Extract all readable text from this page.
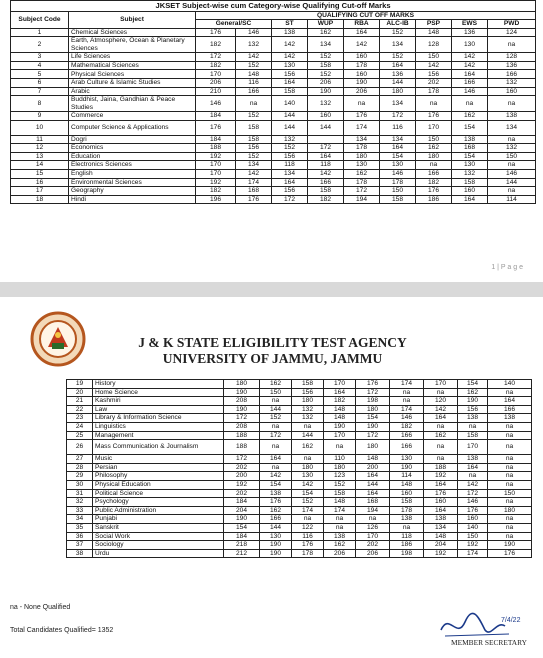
JKSET Subject-wise cum Category-wise Qualifying Cut-off Marks										
Subject Code	Subject	QUALIFYING CUT OFF MARKS								
		General/SC		ST	WUP	RBA	ALC-IB	PSP	EWS	PWD
1	Chemical Sciences	176	146	138	162	164	152	148	136	124
2	Earth, Atmosphere, Ocean & Planetary Sciences	182	132	142	134	142	134	128	130	na
3	Life Sciences	172	142	142	152	160	152	150	142	128
4	Mathematical Sciences	182	152	130	158	178	164	142	142	136
5	Physical Sciences	170	148	156	152	160	136	156	164	166
6	Arab Culture & Islamic Studies	206	116	164	206	190	144	202	166	132
7	Arabic	210	166	158	190	206	180	178	146	160
8	Buddhist, Jaina, Gandhian & Peace Studies	146	na	140	132	na	134	na	na	na
9	Commerce	184	152	144	160	176	172	176	162	138
10	Computer Science & Applications	176	158	144	144	174	116	170	154	134
11	Dogri	184	158	132		134	134	150	138	na
12	Economics	188	156	152	172	178	164	162	168	132
13	Education	192	152	156	164	180	154	180	154	150
14	Electronics Sciences	170	134	118	118	130	130	na	130	na
15	English	170	142	134	142	162	146	166	132	146
16	Environmental Sciences	192	174	164	166	178	178	182	158	144
17	Geography	182	168	156	158	172	150	176	160	na
18	Hindi	196	176	172	182	194	158	186	164	114
1 | P a g e
J & K STATE ELIGIBILITY TEST AGENCY
UNIVERSITY OF JAMMU, JAMMU
19	History	180	162	158	170	176	174	170	154	140
20	Home Science	190	150	156	164	172	na	na	162	na
21	Kashmiri	208	na	180	182	198	na	120	190	164
22	Law	190	144	132	148	180	174	142	156	166
23	Library & Information Science	172	152	132	148	154	146	164	138	138
24	Linguistics	208	na	na	190	190	182	na	na	na
25	Management	188	172	144	170	172	166	162	158	na
26	Mass Communication & Journalism	188	na	162	na	180	166	na	170	na
27	Music	172	164	na	110	148	130	na	138	na
28	Persian	202	na	180	180	200	190	188	164	na
29	Philosophy	200	142	130	123	164	114	192	na	na
30	Physical Education	192	154	142	152	144	148	164	142	na
31	Political Science	202	138	154	158	164	160	176	172	150
32	Psychology	184	176	152	148	168	158	160	146	na
33	Public Administration	204	162	174	174	194	178	164	176	180
34	Punjabi	190	166	na	na	na	138	138	160	na
35	Sanskrit	154	144	122	na	126	na	134	140	na
36	Social Work	184	130	116	138	170	118	148	150	na
37	Sociology	218	190	176	162	202	186	204	192	190
38	Urdu	212	190	178	206	206	198	192	174	176
na - None Qualified
Total Candidates Qualified= 1352
7/4/22
MEMBER SECRETARY
